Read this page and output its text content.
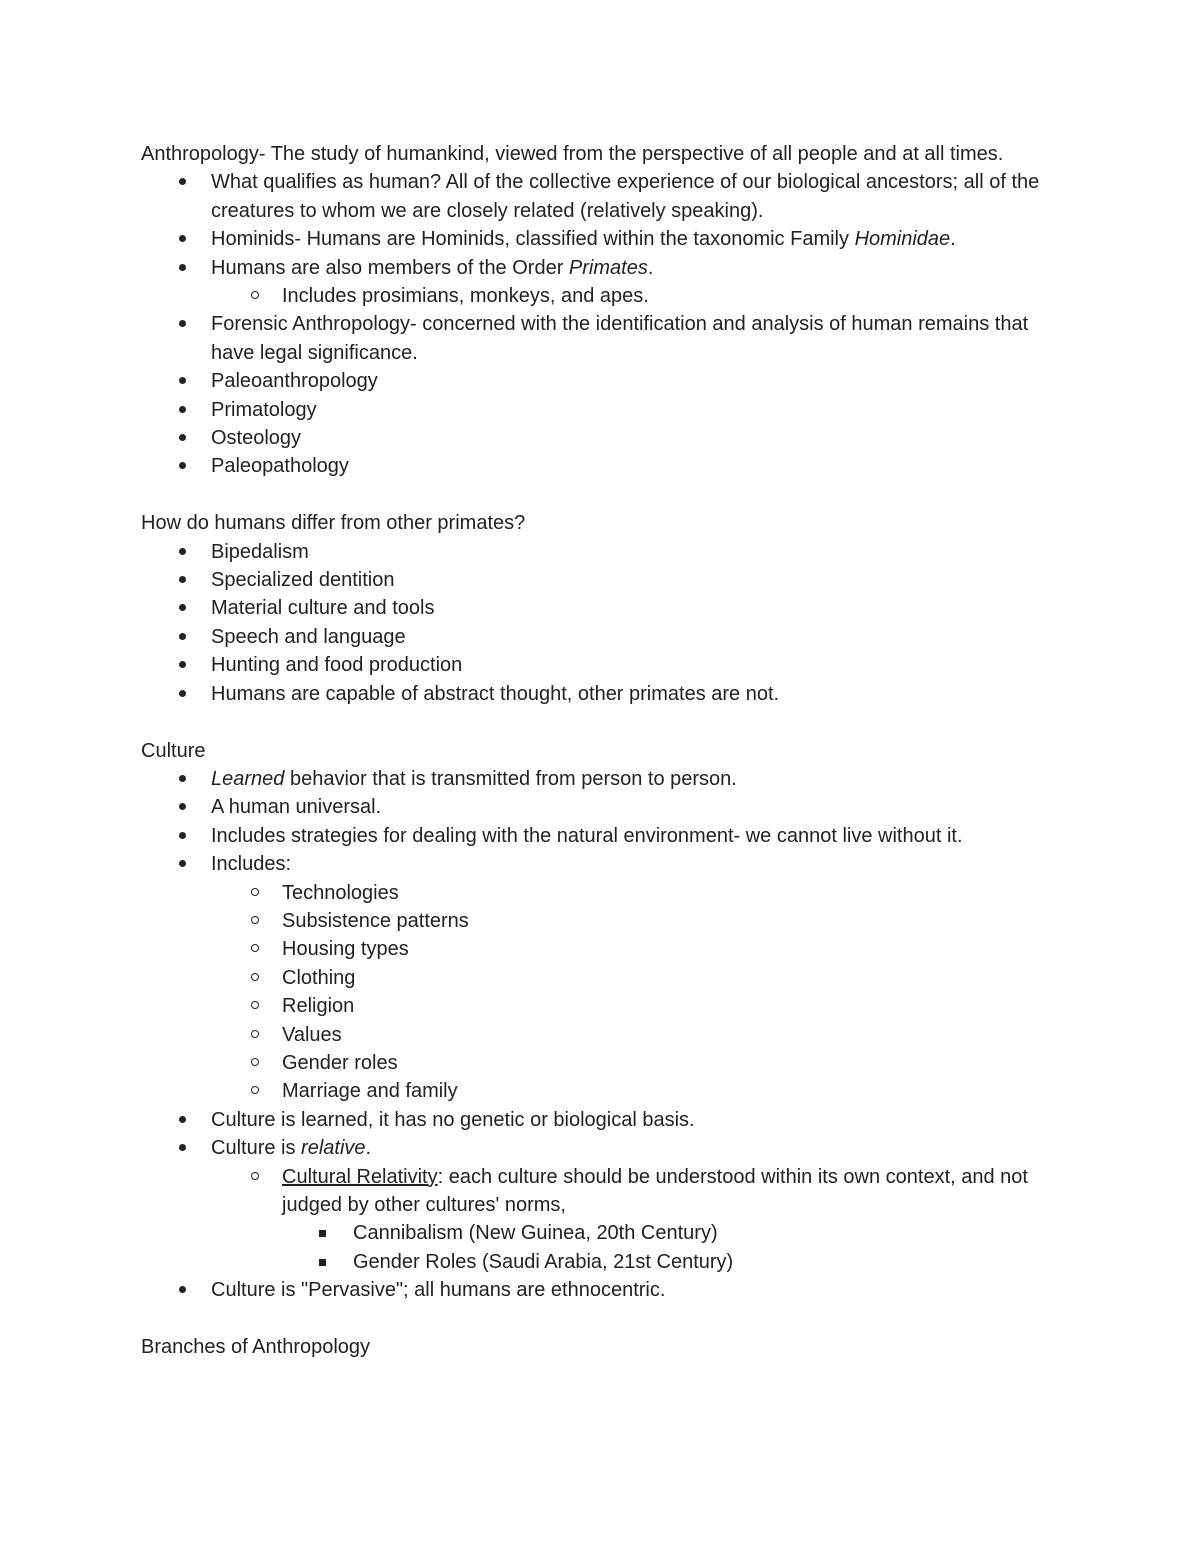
Anthropology- The study of humankind, viewed from the perspective of all people and at all times.

What qualifies as human? All of the collective experience of our biological ancestors; all of the creatures to whom we are closely related (relatively speaking).
Hominids- Humans are Hominids, classified within the taxonomic Family Hominidae.
Humans are also members of the Order Primates.
Includes prosimians, monkeys, and apes.
Forensic Anthropology- concerned with the identification and analysis of human remains that have legal significance.
Paleoanthropology
Primatology
Osteology
Paleopathology

How do humans differ from other primates?

Bipedalism
Specialized dentition
Material culture and tools
Speech and language
Hunting and food production
Humans are capable of abstract thought, other primates are not.

Culture

Learned behavior that is transmitted from person to person.
A human universal.
Includes strategies for dealing with the natural environment- we cannot live without it.
Includes:
Technologies
Subsistence patterns
Housing types
Clothing
Religion
Values
Gender roles
Marriage and family
Culture is learned, it has no genetic or biological basis.
Culture is relative.
Cultural Relativity: each culture should be understood within its own context, and not judged by other cultures' norms,
Cannibalism (New Guinea, 20th Century)
Gender Roles (Saudi Arabia, 21st Century)
Culture is "Pervasive"; all humans are ethnocentric.

Branches of Anthropology
